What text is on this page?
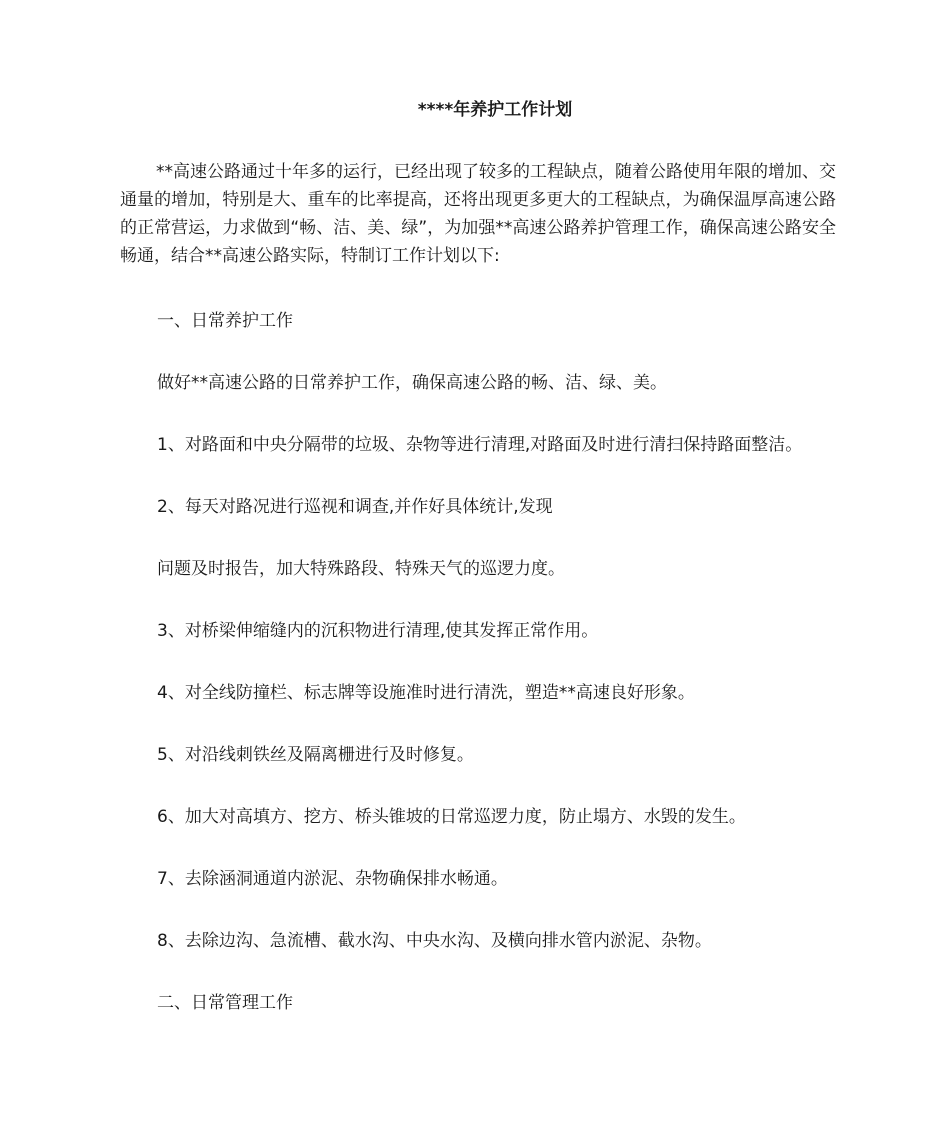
****年养护工作计划
**高速公路通过十年多的运行，已经出现了较多的工程缺点，随着公路使用年限的增加、交通量的增加，特别是大、重车的比率提高，还将出现更多更大的工程缺点，为确保温厚高速公路的正常营运，力求做到“畅、洁、美、绿”，为加强**高速公路养护管理工作，确保高速公路安全畅通，结合**高速公路实际，特制订工作计划以下:
一、日常养护工作
做好**高速公路的日常养护工作，确保高速公路的畅、洁、绿、美。
1、对路面和中央分隔带的垃圾、杂物等进行清理,对路面及时进行清扫保持路面整洁。
2、每天对路况进行巡视和调查,并作好具体统计,发现
问题及时报告，加大特殊路段、特殊天气的巡逻力度。
3、对桥梁伸缩缝内的沉积物进行清理,使其发挥正常作用。
4、对全线防撞栏、标志牌等设施准时进行清洗，塑造**高速良好形象。
5、对沿线刺铁丝及隔离栅进行及时修复。
6、加大对高填方、挖方、桥头锥坡的日常巡逻力度，防止塌方、水毁的发生。
7、去除涵洞通道内淤泥、杂物确保排水畅通。
8、去除边沟、急流槽、截水沟、中央水沟、及横向排水管内淤泥、杂物。
二、日常管理工作
